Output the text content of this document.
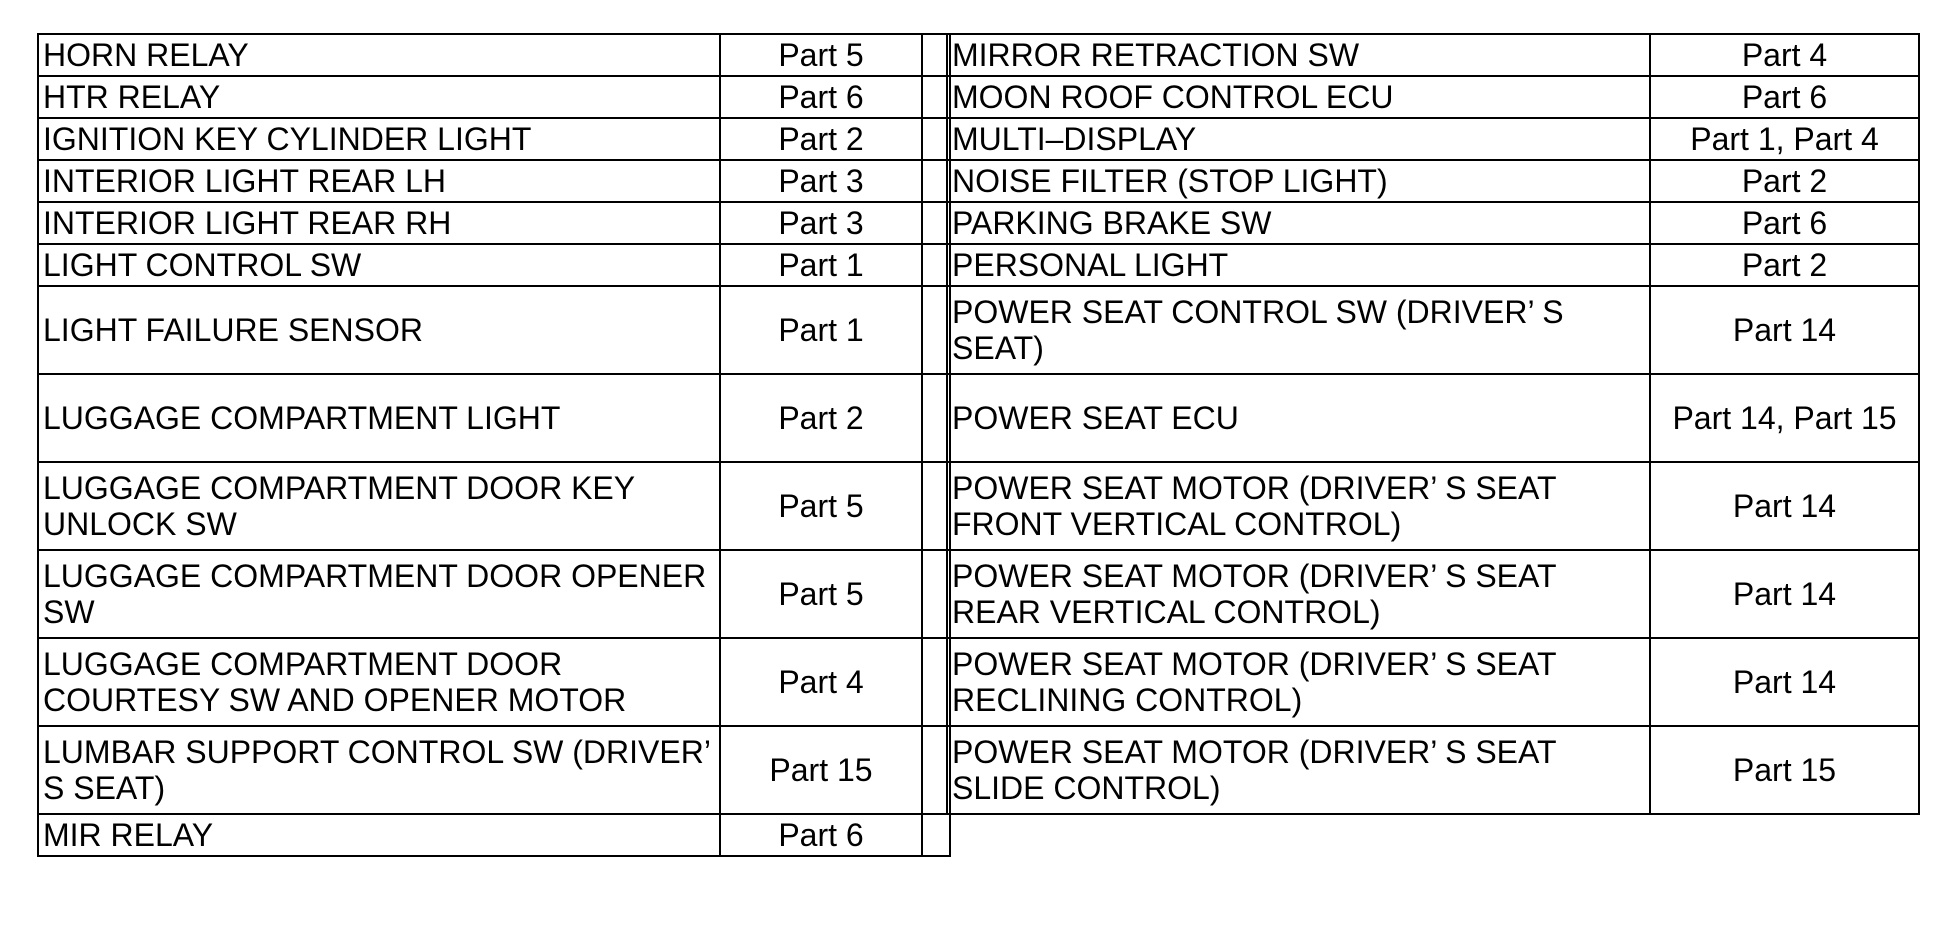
HORN RELAY	Part 5	
HTR RELAY	Part 6	
IGNITION KEY CYLINDER LIGHT	Part 2	
INTERIOR LIGHT REAR LH	Part 3	
INTERIOR LIGHT REAR RH	Part 3	
LIGHT CONTROL SW	Part 1	
LIGHT FAILURE SENSOR	Part 1	
LUGGAGE COMPARTMENT LIGHT	Part 2	
LUGGAGE COMPARTMENT DOOR KEY UNLOCK SW	Part 5	
LUGGAGE COMPARTMENT DOOR OPENER SW	Part 5	
LUGGAGE COMPARTMENT DOOR COURTESY SW AND OPENER MOTOR	Part 4	
LUMBAR SUPPORT CONTROL SW (DRIVER’ S SEAT)	Part 15	
MIR RELAY	Part 6	
MIRROR RETRACTION SW	Part 4
MOON ROOF CONTROL ECU	Part 6
MULTI–DISPLAY	Part 1, Part 4
NOISE FILTER (STOP LIGHT)	Part 2
PARKING BRAKE SW	Part 6
PERSONAL LIGHT	Part 2
POWER SEAT CONTROL SW (DRIVER’ S SEAT)	Part 14
POWER SEAT ECU	Part 14, Part 15
POWER SEAT MOTOR (DRIVER’ S SEAT FRONT VERTICAL CONTROL)	Part 14
POWER SEAT MOTOR (DRIVER’ S SEAT REAR VERTICAL CONTROL)	Part 14
POWER SEAT MOTOR (DRIVER’ S SEAT RECLINING CONTROL)	Part 14
POWER SEAT MOTOR (DRIVER’ S SEAT SLIDE CONTROL)	Part 15
